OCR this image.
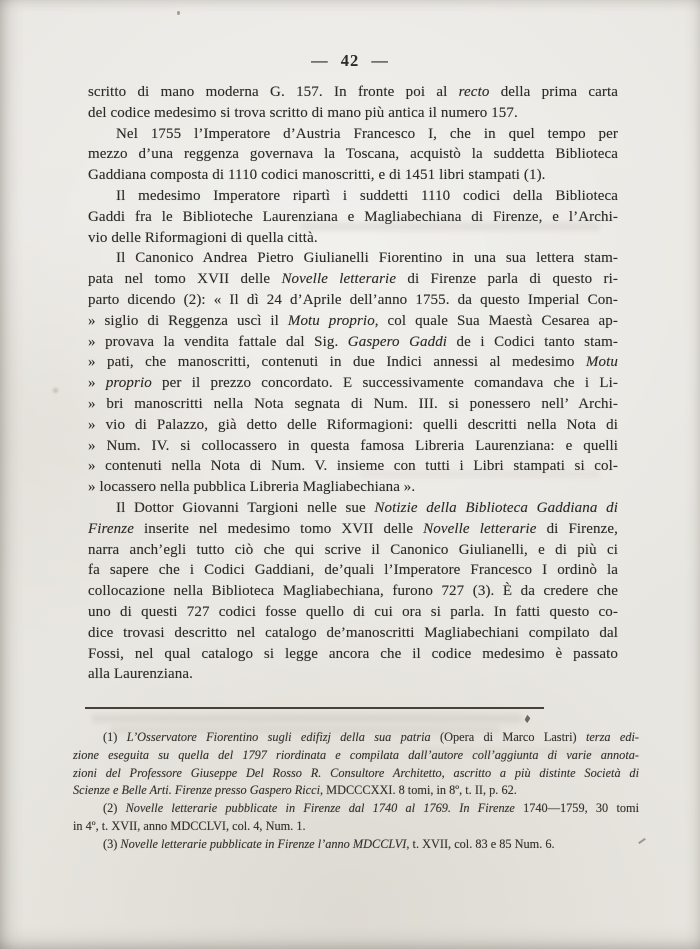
— 42 —
scritto di mano moderna G. 157. In fronte poi al recto della prima carta
del codice medesimo si trova scritto di mano più antica il numero 157.
Nel 1755 l’Imperatore d’Austria Francesco I, che in quel tempo per
mezzo d’una reggenza governava la Toscana, acquistò la suddetta Biblioteca
Gaddiana composta di 1110 codici manoscritti, e di 1451 libri stampati (1).
Il medesimo Imperatore ripartì i suddetti 1110 codici della Biblioteca
Gaddi fra le Biblioteche Laurenziana e Magliabechiana di Firenze, e l’Archi-
vio delle Riformagioni di quella città.
Il Canonico Andrea Pietro Giulianelli Fiorentino in una sua lettera stam-
pata nel tomo XVII delle Novelle letterarie di Firenze parla di questo ri-
parto dicendo (2): « Il dì 24 d’Aprile dell’anno 1755. da questo Imperial Con-
» siglio di Reggenza uscì il Motu proprio, col quale Sua Maestà Cesarea ap-
» provava la vendita fattale dal Sig. Gaspero Gaddi de i Codici tanto stam-
» pati, che manoscritti, contenuti in due Indici annessi al medesimo Motu
» proprio per il prezzo concordato. E successivamente comandava che i Li-
» bri manoscritti nella Nota segnata di Num. III. si ponessero nell’ Archi-
» vio di Palazzo, già detto delle Riformagioni: quelli descritti nella Nota di
» Num. IV. si collocassero in questa famosa Libreria Laurenziana: e quelli
» contenuti nella Nota di Num. V. insieme con tutti i Libri stampati si col-
» locassero nella pubblica Libreria Magliabechiana ».
Il Dottor Giovanni Targioni nelle sue Notizie della Biblioteca Gaddiana di
Firenze inserite nel medesimo tomo XVII delle Novelle letterarie di Firenze,
narra anch’egli tutto ciò che qui scrive il Canonico Giulianelli, e di più ci
fa sapere che i Codici Gaddiani, de’quali l’Imperatore Francesco I ordinò la
collocazione nella Biblioteca Magliabechiana, furono 727 (3). È da credere che
uno di questi 727 codici fosse quello di cui ora si parla. In fatti questo co-
dice trovasi descritto nel catalogo de’manoscritti Magliabechiani compilato dal
Fossi, nel qual catalogo si legge ancora che il codice medesimo è passato
alla Laurenziana.
(1) L’Osservatore Fiorentino sugli edifizj della sua patria (Opera di Marco Lastri) terza edi-
zione eseguita su quella del 1797 riordinata e compilata dall’autore coll’aggiunta di varie annota-
zioni del Professore Giuseppe Del Rosso R. Consultore Architetto, ascritto a più distinte Società di
Scienze e Belle Arti. Firenze presso Gaspero Ricci, MDCCCXXI. 8 tomi, in 8º, t. II, p. 62.
(2) Novelle letterarie pubblicate in Firenze dal 1740 al 1769. In Firenze 1740—1759, 30 tomi
in 4º, t. XVII, anno MDCCLVI, col. 4, Num. 1.
(3) Novelle letterarie pubblicate in Firenze l’anno MDCCLVI, t. XVII, col. 83 e 85 Num. 6.
